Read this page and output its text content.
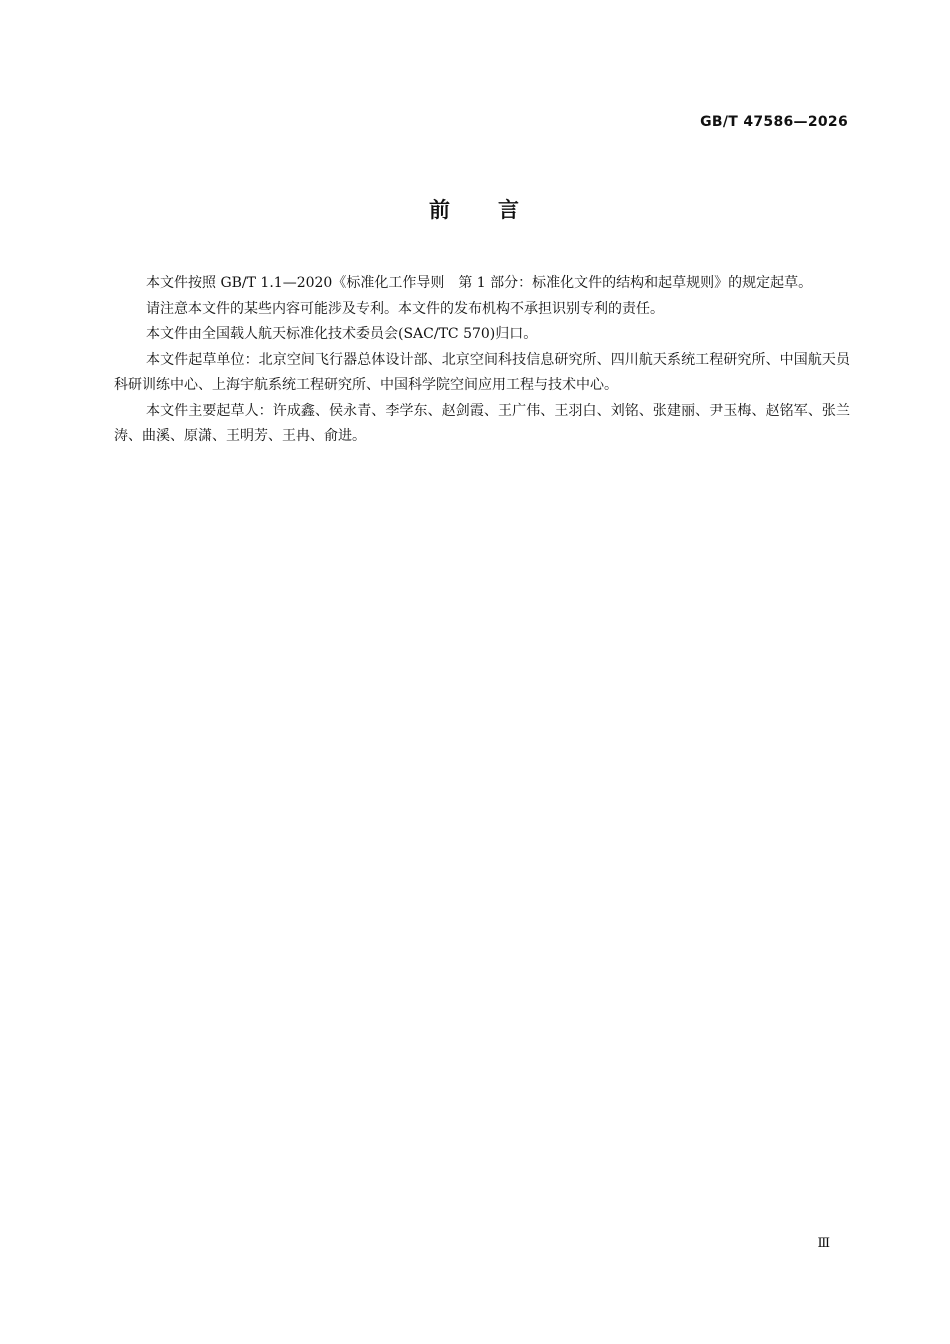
GB/T 47586—2026
前 言

本文件按照 GB/T 1.1—2020《标准化工作导则　第 1 部分：标准化文件的结构和起草规则》的规定起草。

请注意本文件的某些内容可能涉及专利。本文件的发布机构不承担识别专利的责任。

本文件由全国载人航天标准化技术委员会(SAC/TC 570)归口。

本文件起草单位：北京空间飞行器总体设计部、北京空间科技信息研究所、四川航天系统工程研究所、中国航天员科研训练中心、上海宇航系统工程研究所、中国科学院空间应用工程与技术中心。

本文件主要起草人：许成鑫、侯永青、李学东、赵剑霞、王广伟、王羽白、刘铭、张建丽、尹玉梅、赵铭军、张兰涛、曲溪、原潇、王明芳、王冉、俞进。

Ⅲ
